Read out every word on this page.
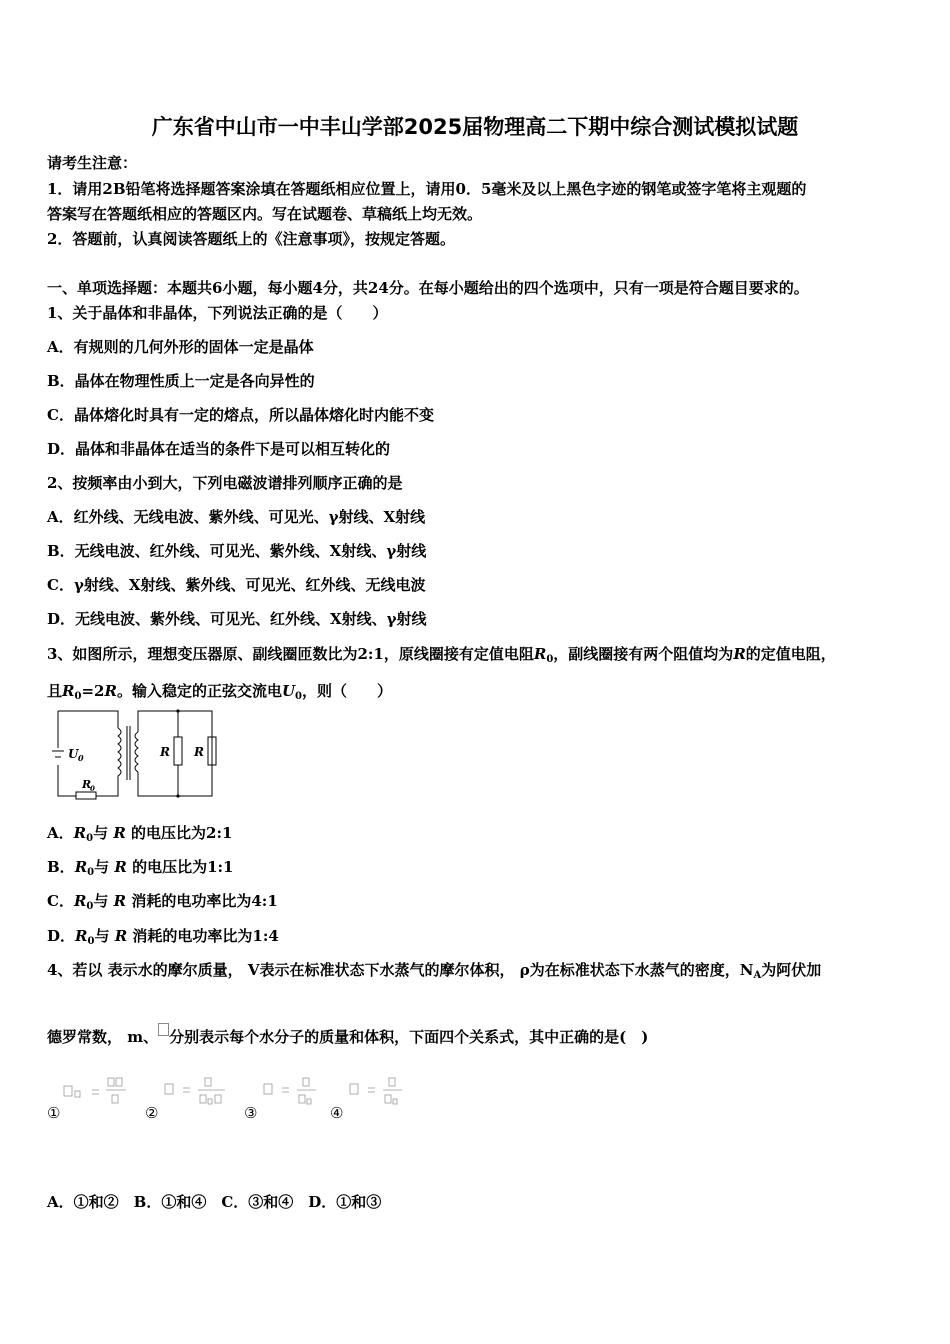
广东省中山市一中丰山学部2025届物理高二下期中综合测试模拟试题
请考生注意：
1．请用2B铅笔将选择题答案涂填在答题纸相应位置上，请用0．5毫米及以上黑色字迹的钢笔或签字笔将主观题的
答案写在答题纸相应的答题区内。写在试题卷、草稿纸上均无效。
2．答题前，认真阅读答题纸上的《注意事项》，按规定答题。
一、单项选择题：本题共6小题，每小题4分，共24分。在每小题给出的四个选项中，只有一项是符合题目要求的。
1、关于晶体和非晶体，下列说法正确的是（　　）
A．有规则的几何外形的固体一定是晶体
B．晶体在物理性质上一定是各向异性的
C．晶体熔化时具有一定的熔点，所以晶体熔化时内能不变
D．晶体和非晶体在适当的条件下是可以相互转化的
2、按频率由小到大，下列电磁波谱排列顺序正确的是
A．红外线、无线电波、紫外线、可见光、γ射线、X射线
B．无线电波、红外线、可见光、紫外线、X射线、γ射线
C．γ射线、X射线、紫外线、可见光、红外线、无线电波
D．无线电波、紫外线、可见光、红外线、X射线、γ射线
3、如图所示，理想变压器原、副线圈匝数比为2:1，原线圈接有定值电阻$R_0$，副线圈接有两个阻值均为R的定值电阻，
且$R_0=2R$。输入稳定的正弦交流电$U_0$，则（　　）
U 0
R
0
R R
A．$R_0$与 R 的电压比为2:1
B．$R_0$与 R 的电压比为1:1
C．$R_0$与 R 消耗的电功率比为4:1
D．$R_0$与 R 消耗的电功率比为1:4
4、若以 表示水的摩尔质量， V表示在标准状态下水蒸气的摩尔体积， ρ为在标准状态下水蒸气的密度，$N_A$为阿伏加
德罗常数， m、 分别表示每个水分子的质量和体积，下面四个关系式，其中正确的是(　)
①	②	③	④
A．①和②　B．①和④　C．③和④　D．①和③
